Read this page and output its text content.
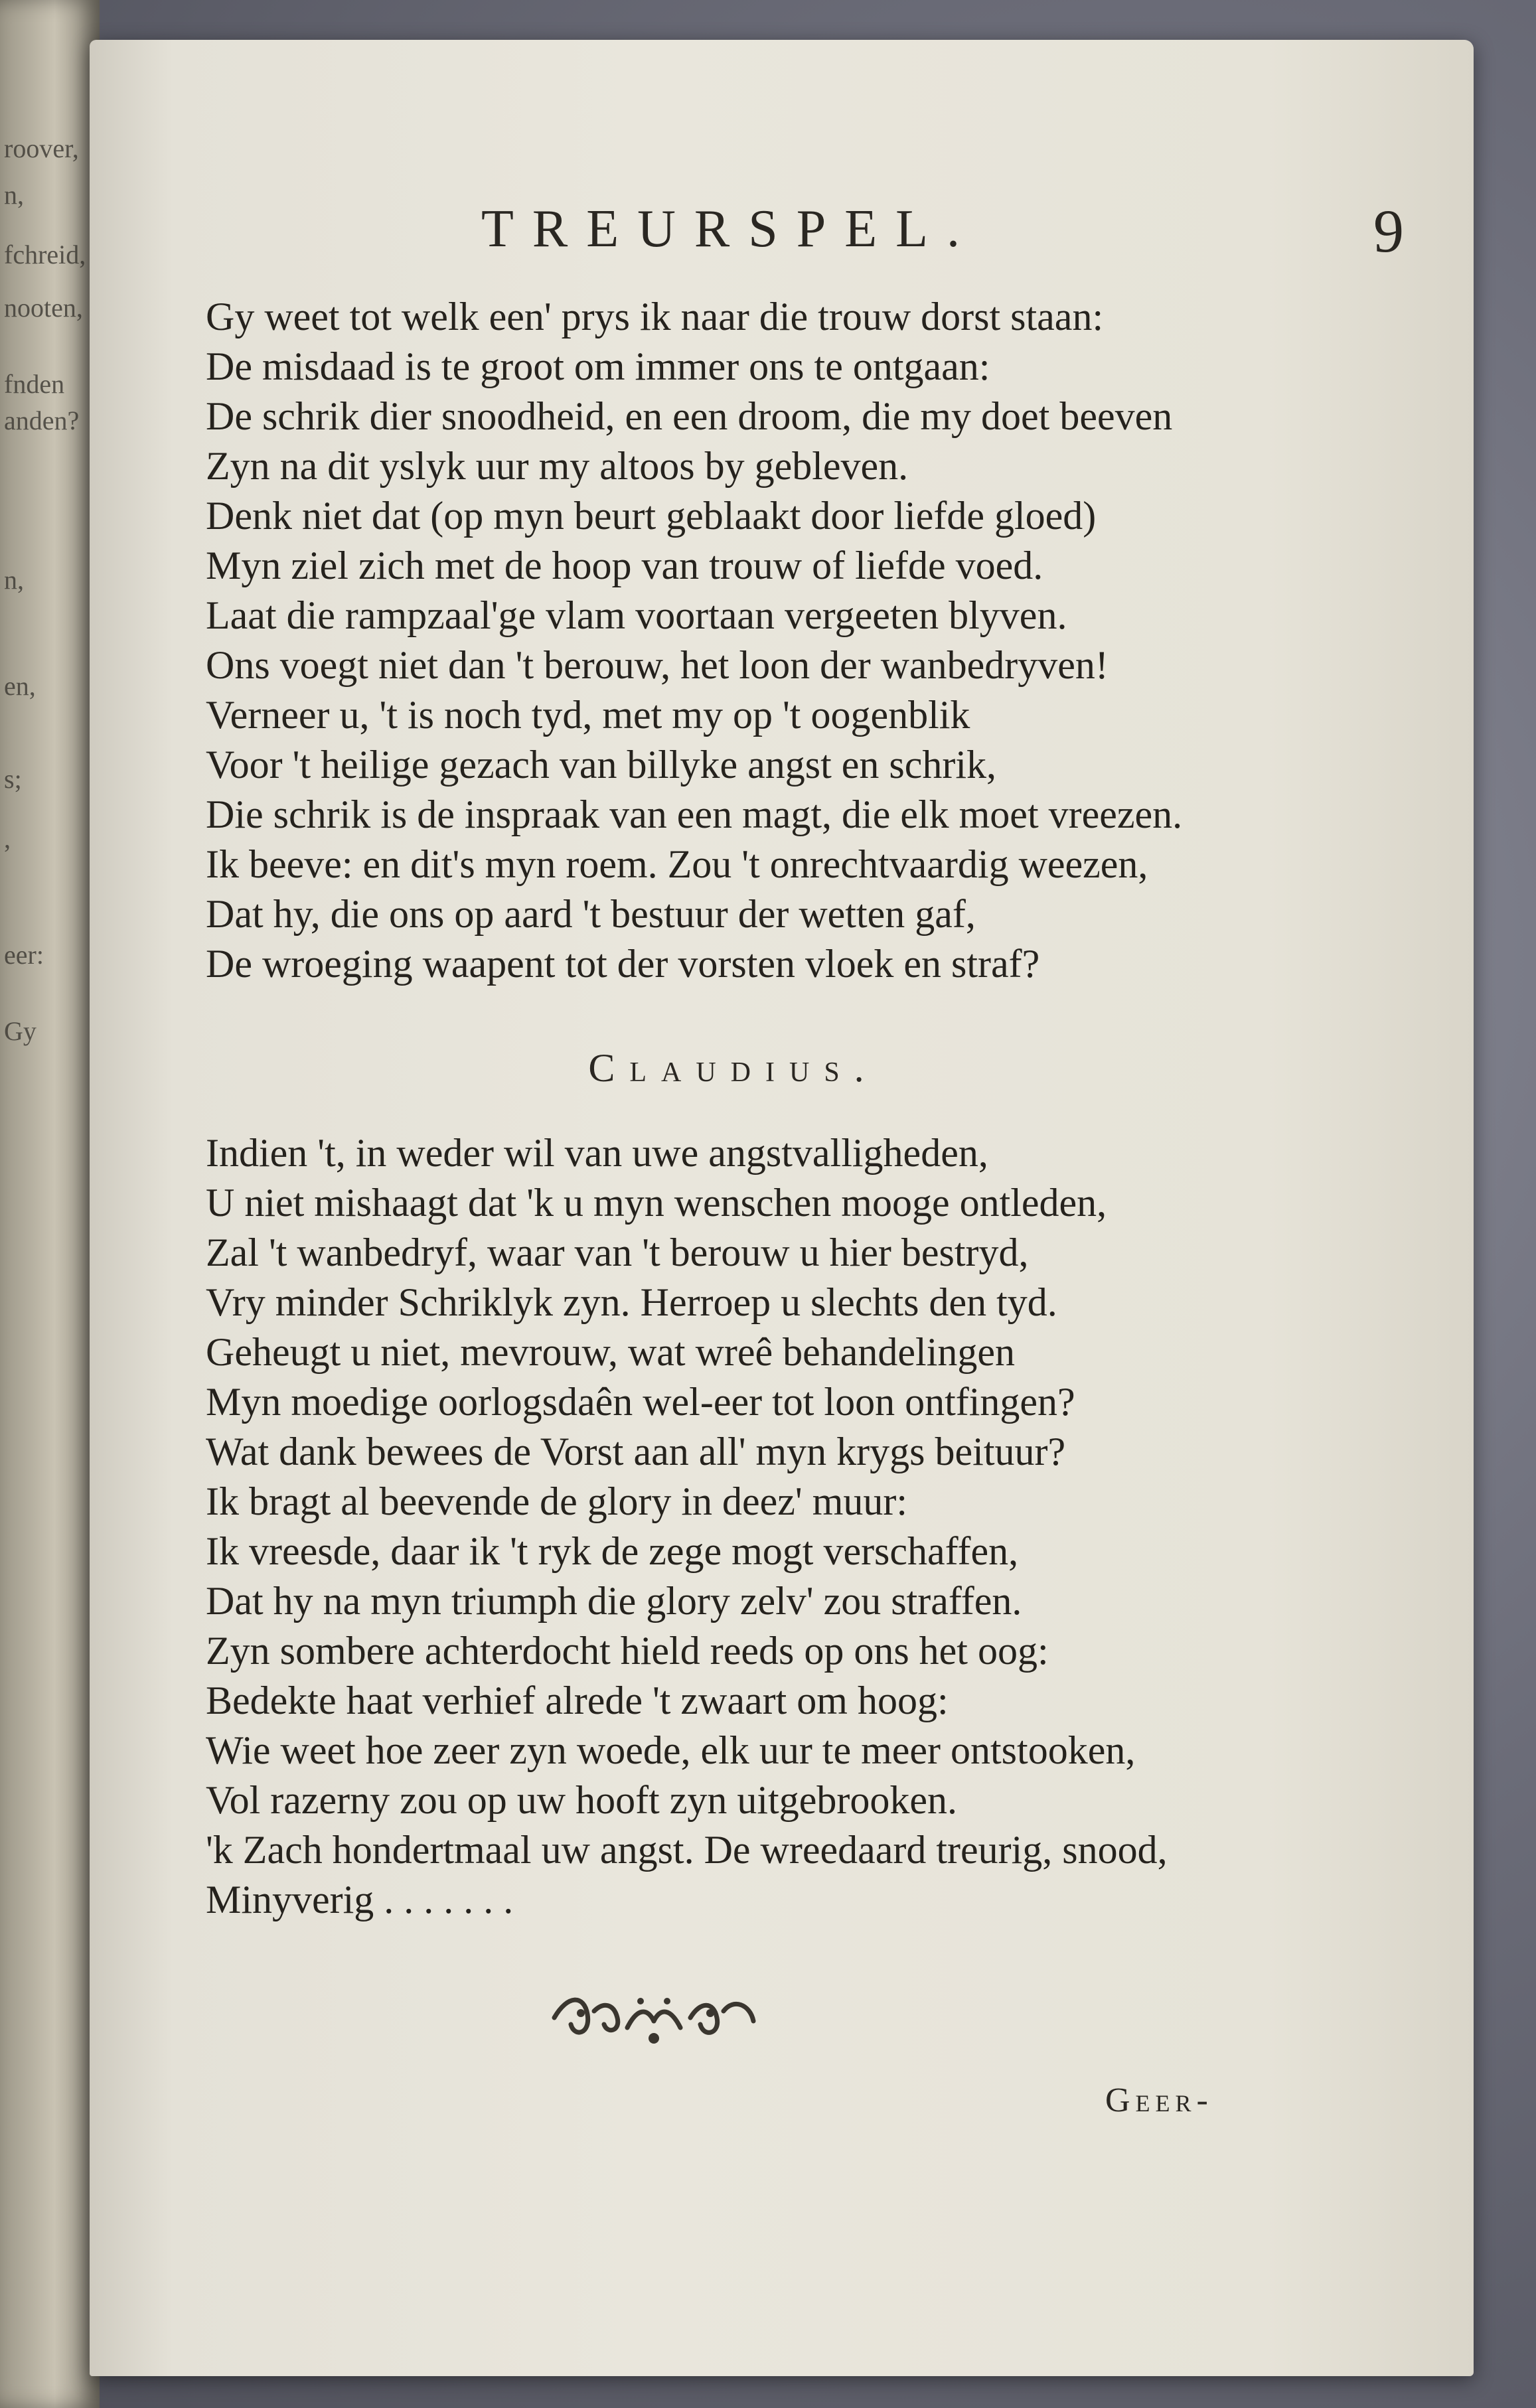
roover,
n,
fchreid,
nooten,
fnden
anden?
n,
en,
s;
,
eer:
Gy
TREURSPEL.	9
Gy weet tot welk een' prys ik naar die trouw dorst staan:
De misdaad is te groot om immer ons te ontgaan:
De schrik dier snoodheid, en een droom, die my doet beeven
Zyn na dit yslyk uur my altoos by gebleven.
Denk niet dat (op myn beurt geblaakt door liefde gloed)
Myn ziel zich met de hoop van trouw of liefde voed.
Laat die rampzaal'ge vlam voortaan vergeeten blyven.
Ons voegt niet dan 't berouw, het loon der wanbedryven!
Verneer u, 't is noch tyd, met my op 't oogenblik
Voor 't heilige gezach van billyke angst en schrik,
Die schrik is de inspraak van een magt, die elk moet vreezen.
Ik beeve: en dit's myn roem. Zou 't onrechtvaardig weezen,
Dat hy, die ons op aard 't bestuur der wetten gaf,
De wroeging waapent tot der vorsten vloek en straf?
Claudius.
Indien 't, in weder wil van uwe angstvalligheden,
U niet mishaagt dat 'k u myn wenschen mooge ontleden,
Zal 't wanbedryf, waar van 't berouw u hier bestryd,
Vry minder Schriklyk zyn. Herroep u slechts den tyd.
Geheugt u niet, mevrouw, wat wreê behandelingen
Myn moedige oorlogsdaên wel-eer tot loon ontfingen?
Wat dank bewees de Vorst aan all' myn krygs beituur?
Ik bragt al beevende de glory in deez' muur:
Ik vreesde, daar ik 't ryk de zege mogt verschaffen,
Dat hy na myn triumph die glory zelv' zou straffen.
Zyn sombere achterdocht hield reeds op ons het oog:
Bedekte haat verhief alrede 't zwaart om hoog:
Wie weet hoe zeer zyn woede, elk uur te meer ontstooken,
Vol razerny zou op uw hooft zyn uitgebrooken.
'k Zach hondertmaal uw angst. De wreedaard treurig, snood,
Minyverig . . . . . . .
Geer-
